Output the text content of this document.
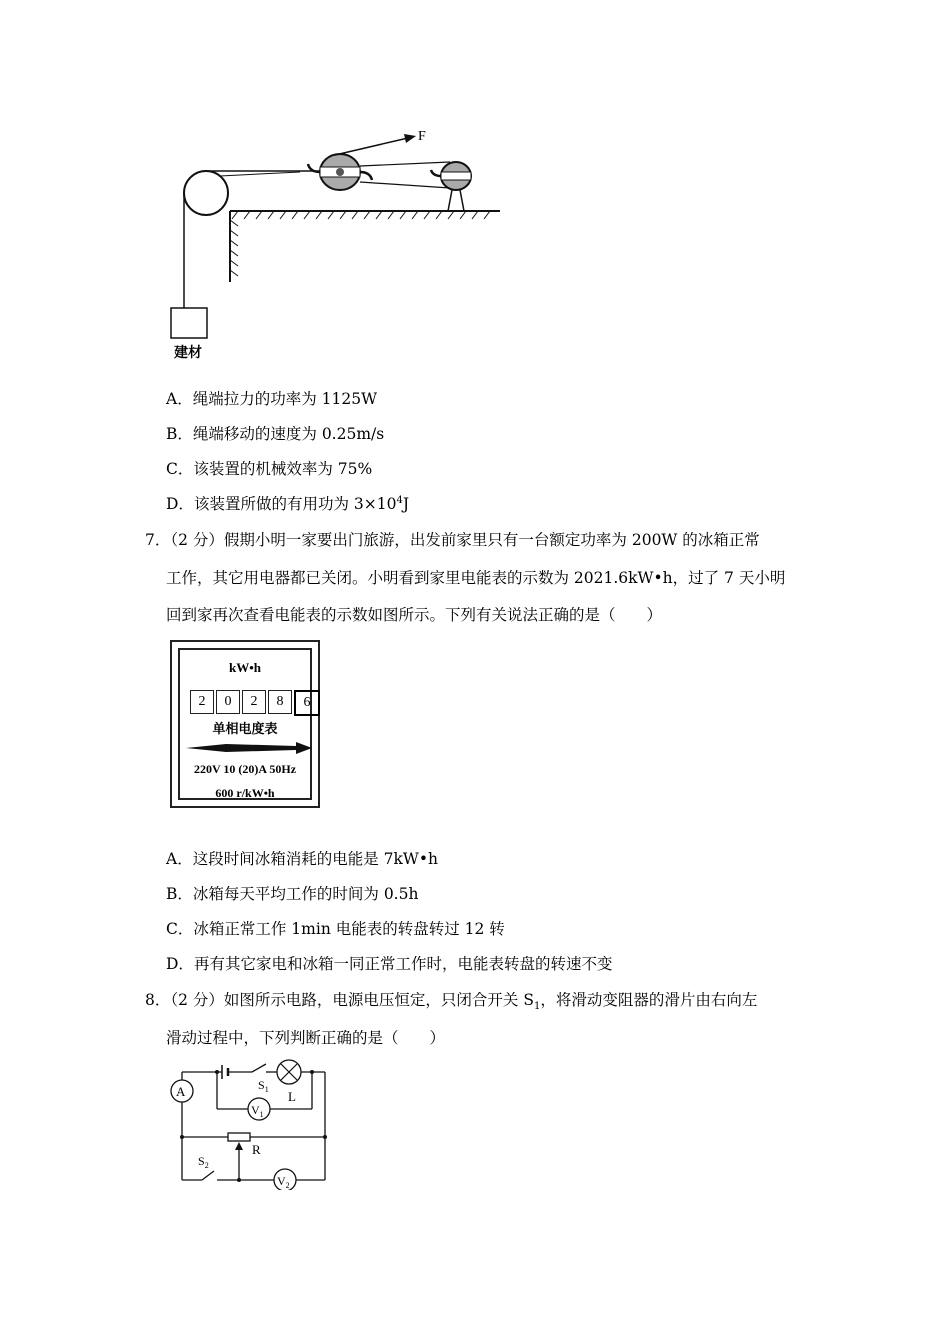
F
建材
A．绳端拉力的功率为 1125W
B．绳端移动的速度为 0.25m/s
C．该装置的机械效率为 75%
D．该装置所做的有用功为 $3\times 10^4J$
7．（2 分）假期小明一家要出门旅游，出发前家里只有一台额定功率为 200W 的冰箱正常
工作，其它用电器都已关闭。小明看到家里电能表的示数为 2021.6kW•h，过了 7 天小明
回到家再次查看电能表的示数如图所示。下列有关说法正确的是（　　）
kW•h
2	0	2	8	6
单相电度表
220V 10 (20)A 50Hz
600 r/kW•h
A．这段时间冰箱消耗的电能是 7kW•h
B．冰箱每天平均工作的时间为 0.5h
C．冰箱正常工作 1min 电能表的转盘转过 12 转
D．再有其它家电和冰箱一同正常工作时，电能表转盘的转速不变
8．（2 分）如图所示电路，电源电压恒定，只闭合开关 $S_1$，将滑动变阻器的滑片由右向左
滑动过程中，下列判断正确的是（　　）
A
$V_1$
R
$V_2$
$S_1$ L
$S_2$
